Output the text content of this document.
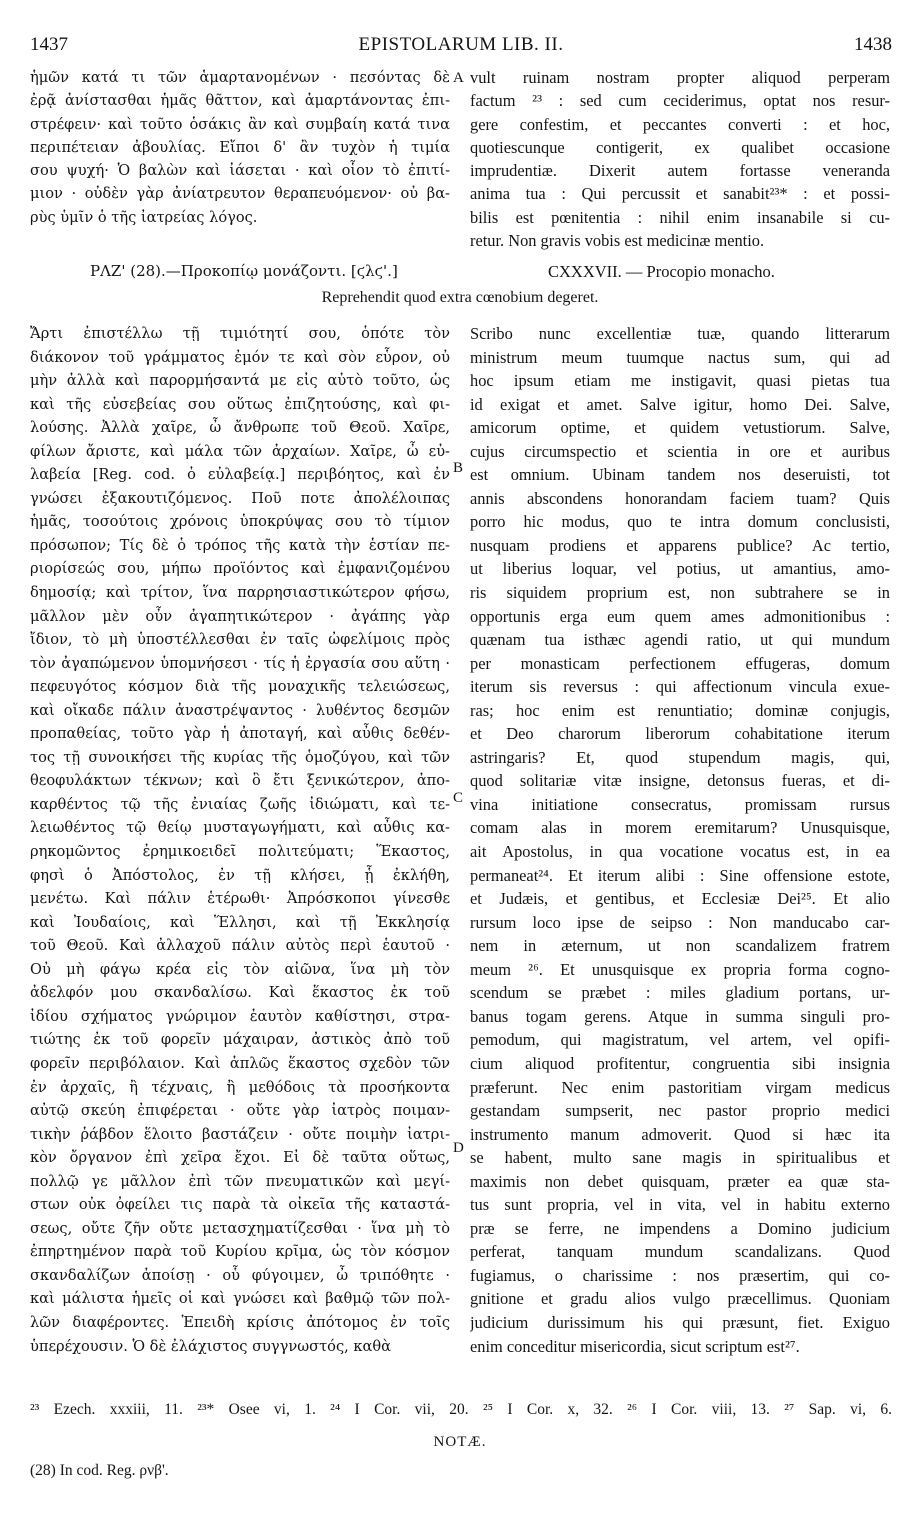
1437	EPISTOLARUM LIB. II.	1438
ἡμῶν κατά τι τῶν ἁμαρτανομένων · πεσόντας δὲ
ἐρᾷ ἀνίστασθαι ἡμᾶς θᾶττον, καὶ ἁμαρτάνοντας ἐπι-
στρέφειν· καὶ τοῦτο ὁσάκις ἂν καὶ συμβαίη κατά τινα
περιπέτειαν ἀβουλίας. Εἴποι δ' ἂν τυχὸν ἡ τιμία
σου ψυχή· Ὁ βαλὼν καὶ ἰάσεται · καὶ οἷον τὸ ἐπιτί-
μιον · οὐδὲν γὰρ ἀνίατρευτον θεραπευόμενον· οὐ βα-
ρὺς ὑμῖν ὁ τῆς ἰατρείας λόγος.
vult ruinam nostram propter aliquod perperam
factum ²³ : sed cum ceciderimus, optat nos resur-
gere confestim, et peccantes converti : et hoc,
quotiescunque contigerit, ex qualibet occasione
imprudentiæ. Dixerit autem fortasse veneranda
anima tua : Qui percussit et sanabit²³* : et possi-
bilis est pœnitentia : nihil enim insanabile si cu-
retur. Non gravis vobis est medicinæ mentio.
ΡΛΖ' (28).—Προκοπίῳ μονάζοντι. [ϛλϛ'.]	CXXXVII. — Procopio monacho.
Reprehendit quod extra cœnobium degeret.
Ἄρτι ἐπιστέλλω τῇ τιμιότητί σου, ὁπότε τὸν
διάκονον τοῦ γράμματος ἐμόν τε καὶ σὸν εὗρον, οὐ
μὴν ἀλλὰ καὶ παρορμήσαντά με εἰς αὐτὸ τοῦτο, ὡς
καὶ τῆς εὐσεβείας σου οὕτως ἐπιζητούσης, καὶ φι-
λούσης. Ἀλλὰ χαῖρε, ὦ ἄνθρωπε τοῦ Θεοῦ. Χαῖρε,
φίλων ἄριστε, καὶ μάλα τῶν ἀρχαίων. Χαῖρε, ὦ εὐ-
λαβεία [Reg. cod. ὁ εὐλαβείᾳ.] περιβόητος, καὶ ἐν
γνώσει ἐξακουτιζόμενος. Ποῦ ποτε ἀπολέλοιπας
ἡμᾶς, τοσούτοις χρόνοις ὑποκρύψας σου τὸ τίμιον
πρόσωπον; Τίς δὲ ὁ τρόπος τῆς κατὰ τὴν ἑστίαν πε-
ριορίσεώς σου, μήπω προϊόντος καὶ ἐμφανιζομένου
δημοσίᾳ; καὶ τρίτον, ἵνα παρρησιαστικώτερον φήσω,
μᾶλλον μὲν οὖν ἀγαπητικώτερον · ἀγάπης γὰρ
ἴδιον, τὸ μὴ ὑποστέλλεσθαι ἐν ταῖς ὠφελίμοις πρὸς
τὸν ἀγαπώμενον ὑπομνήσεσι · τίς ἡ ἐργασία σου αὕτη ·
πεφευγότος κόσμον διὰ τῆς μοναχικῆς τελειώσεως,
καὶ οἴκαδε πάλιν ἀναστρέψαντος · λυθέντος δεσμῶν
προπαθείας, τοῦτο γὰρ ἡ ἀποταγή, καὶ αὖθις δεθέν-
τος τῇ συνοικήσει τῆς κυρίας τῆς ὁμοζύγου, καὶ τῶν
θεοφυλάκτων τέκνων; καὶ ὃ ἔτι ξενικώτερον, ἀπο-
καρθέντος τῷ τῆς ἐνιαίας ζωῆς ἰδιώματι, καὶ τε-
λειωθέντος τῷ θείῳ μυσταγωγήματι, καὶ αὖθις κα-
ρηκομῶντος ἐρημικοειδεῖ πολιτεύματι; Ἕκαστος,
φησὶ ὁ Ἀπόστολος, ἐν τῇ κλήσει, ᾗ ἐκλήθη,
μενέτω. Καὶ πάλιν ἑτέρωθι· Ἀπρόσκοποι γίνεσθε
καὶ Ἰουδαίοις, καὶ Ἕλλησι, καὶ τῇ Ἐκκλησίᾳ
τοῦ Θεοῦ. Καὶ ἀλλαχοῦ πάλιν αὐτὸς περὶ ἑαυτοῦ ·
Οὐ μὴ φάγω κρέα εἰς τὸν αἰῶνα, ἵνα μὴ τὸν
ἀδελφόν μου σκανδαλίσω. Καὶ ἕκαστος ἐκ τοῦ
ἰδίου σχήματος γνώριμον ἑαυτὸν καθίστησι, στρα-
τιώτης ἐκ τοῦ φορεῖν μάχαιραν, ἀστικὸς ἀπὸ τοῦ
φορεῖν περιβόλαιον. Καὶ ἁπλῶς ἕκαστος σχεδὸν τῶν
ἐν ἀρχαῖς, ἢ τέχναις, ἢ μεθόδοις τὰ προσήκοντα
αὐτῷ σκεύη ἐπιφέρεται · οὔτε γὰρ ἰατρὸς ποιμαν-
τικὴν ῥάβδον ἕλοιτο βαστάζειν · οὔτε ποιμὴν ἰατρι-
κὸν ὄργανον ἐπὶ χεῖρα ἔχοι. Εἰ δὲ ταῦτα οὕτως,
πολλῷ γε μᾶλλον ἐπὶ τῶν πνευματικῶν καὶ μεγί-
στων οὐκ ὀφείλει τις παρὰ τὰ οἰκεῖα τῆς καταστά-
σεως, οὔτε ζῆν οὔτε μετασχηματίζεσθαι · ἵνα μὴ τὸ
ἐπηρτημένον παρὰ τοῦ Κυρίου κρῖμα, ὡς τὸν κόσμον
σκανδαλίζων ἀποίσῃ · οὗ φύγοιμεν, ὦ τριπόθητε ·
καὶ μάλιστα ἡμεῖς οἱ καὶ γνώσει καὶ βαθμῷ τῶν πολ-
λῶν διαφέροντες. Ἐπειδὴ κρίσις ἀπότομος ἐν τοῖς
ὑπερέχουσιν. Ὁ δὲ ἐλάχιστος συγγνωστός, καθὰ
Scribo nunc excellentiæ tuæ, quando litterarum
ministrum meum tuumque nactus sum, qui ad
hoc ipsum etiam me instigavit, quasi pietas tua
id exigat et amet. Salve igitur, homo Dei. Salve,
amicorum optime, et quidem vetustiorum. Salve,
cujus circumspectio et scientia in ore et auribus
est omnium. Ubinam tandem nos deseruisti, tot
annis abscondens honorandam faciem tuam? Quis
porro hic modus, quo te intra domum conclusisti,
nusquam prodiens et apparens publice? Ac tertio,
ut liberius loquar, vel potius, ut amantius, amo-
ris siquidem proprium est, non subtrahere se in
opportunis erga eum quem ames admonitionibus :
quænam tua isthæc agendi ratio, ut qui mundum
per monasticam perfectionem effugeras, domum
iterum sis reversus : qui affectionum vincula exue-
ras; hoc enim est renuntiatio; dominæ conjugis,
et Deo charorum liberorum cohabitatione iterum
astringaris? Et, quod stupendum magis, qui,
quod solitariæ vitæ insigne, detonsus fueras, et di-
vina initiatione consecratus, promissam rursus
comam alas in morem eremitarum? Unusquisque,
ait Apostolus, in qua vocatione vocatus est, in ea
permaneat²⁴. Et iterum alibi : Sine offensione estote,
et Judæis, et gentibus, et Ecclesiæ Dei²⁵. Et alio
rursum loco ipse de seipso : Non manducabo car-
nem in æternum, ut non scandalizem fratrem
meum ²⁶. Et unusquisque ex propria forma cogno-
scendum se præbet : miles gladium portans, ur-
banus togam gerens. Atque in summa singuli pro-
pemodum, qui magistratum, vel artem, vel opifi-
cium aliquod profitentur, congruentia sibi insignia
præferunt. Nec enim pastoritiam virgam medicus
gestandam sumpserit, nec pastor proprio medici
instrumento manum admoverit. Quod si hæc ita
se habent, multo sane magis in spiritualibus et
maximis non debet quisquam, præter ea quæ sta-
tus sunt propria, vel in vita, vel in habitu externo
præ se ferre, ne impendens a Domino judicium
perferat, tanquam mundum scandalizans. Quod
fugiamus, o charissime : nos præsertim, qui co-
gnitione et gradu alios vulgo præcellimus. Quoniam
judicium durissimum his qui præsunt, fiet. Exiguo
enim conceditur misericordia, sicut scriptum est²⁷.
A
B
C
D
²³ Ezech. xxxiii, 11. ²³* Osee vi, 1. ²⁴ I Cor. vii, 20. ²⁵ I Cor. x, 32. ²⁶ I Cor. viii, 13. ²⁷ Sap. vi, 6.
NOTÆ.
(28) In cod. Reg. ρνβ'.
